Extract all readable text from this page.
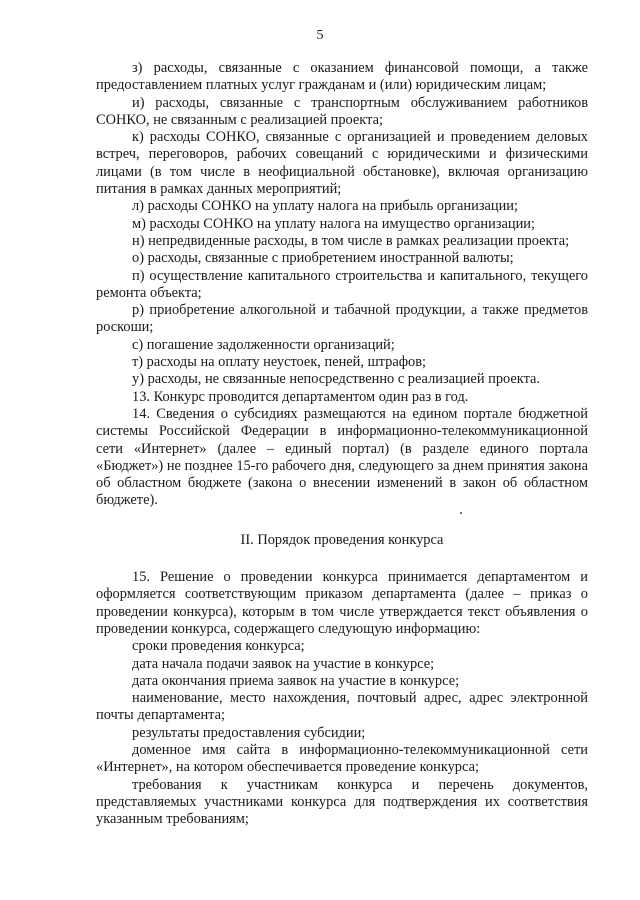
5

з) расходы, связанные с оказанием финансовой помощи, а также предоставлением платных услуг гражданам и (или) юридическим лицам;

и) расходы, связанные с транспортным обслуживанием работников СОНКО, не связанным с реализацией проекта;

к) расходы СОНКО, связанные с организацией и проведением деловых встреч, переговоров, рабочих совещаний с юридическими и физическими лицами (в том числе в неофициальной обстановке), включая организацию питания в рамках данных мероприятий;

л) расходы СОНКО на уплату налога на прибыль организации;

м) расходы СОНКО на уплату налога на имущество организации;

н) непредвиденные расходы, в том числе в рамках реализации проекта;

о) расходы, связанные с приобретением иностранной валюты;

п) осуществление капитального строительства и капитального, текущего ремонта объекта;

р) приобретение алкогольной и табачной продукции, а также предметов роскоши;

с) погашение задолженности организаций;

т) расходы на оплату неустоек, пеней, штрафов;

у) расходы, не связанные непосредственно с реализацией проекта.

13. Конкурс проводится департаментом один раз в год.

14. Сведения о субсидиях размещаются на едином портале бюджетной системы Российской Федерации в информационно-телекоммуникационной сети «Интернет» (далее – единый портал) (в разделе единого портала «Бюджет») не позднее 15-го рабочего дня, следующего за днем принятия закона об областном бюджете (закона о внесении изменений в закон об областном бюджете).

II. Порядок проведения конкурса

15. Решение о проведении конкурса принимается департаментом и оформляется соответствующим приказом департамента (далее – приказ о проведении конкурса), которым в том числе утверждается текст объявления о проведении конкурса, содержащего следующую информацию:

сроки проведения конкурса;

дата начала подачи заявок на участие в конкурсе;

дата окончания приема заявок на участие в конкурсе;

наименование, место нахождения, почтовый адрес, адрес электронной почты департамента;

результаты предоставления субсидии;

доменное имя сайта в информационно-телекоммуникационной сети «Интернет», на котором обеспечивается проведение конкурса;

требования к участникам конкурса и перечень документов, представляемых участниками конкурса для подтверждения их соответствия указанным требованиям;
